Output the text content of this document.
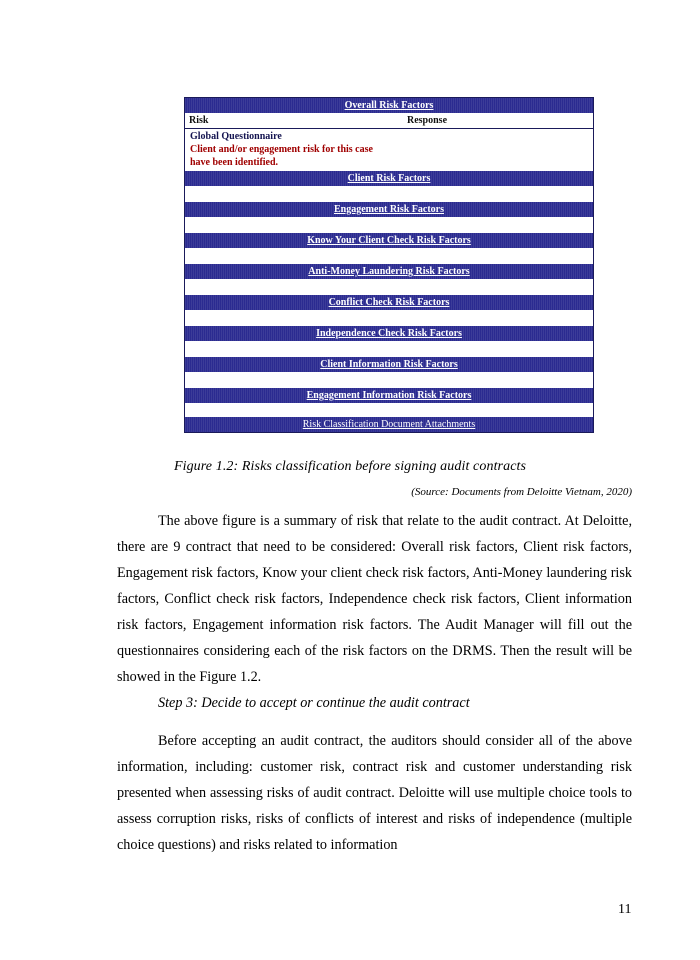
Overall Risk Factors
Risk	Response
Global Questionnaire
Client and/or engagement risk for this case
have been identified.
Client Risk Factors
Engagement Risk Factors
Know Your Client Check Risk Factors
Anti-Money Laundering Risk Factors
Conflict Check Risk Factors
Independence Check Risk Factors
Client Information Risk Factors
Engagement Information Risk Factors
Risk Classification Document Attachments
Figure 1.2: Risks classification before signing audit contracts
(Source: Documents from Deloitte Vietnam, 2020)

The above figure is a summary of risk that relate to the audit contract. At Deloitte, there are 9 contract that need to be considered: Overall risk factors, Client risk factors, Engagement risk factors, Know your client check risk factors, Anti-Money laundering risk factors, Conflict check risk factors, Independence check risk factors, Client information risk factors, Engagement information risk factors. The Audit Manager will fill out the questionnaires considering each of the risk factors on the DRMS. Then the result will be showed in the Figure 1.2.

Step 3: Decide to accept or continue the audit contract

Before accepting an audit contract, the auditors should consider all of the above information, including: customer risk, contract risk and customer understanding risk presented when assessing risks of audit contract. Deloitte will use multiple choice tools to assess corruption risks, risks of conflicts of interest and risks of independence (multiple choice questions) and risks related to information

11
